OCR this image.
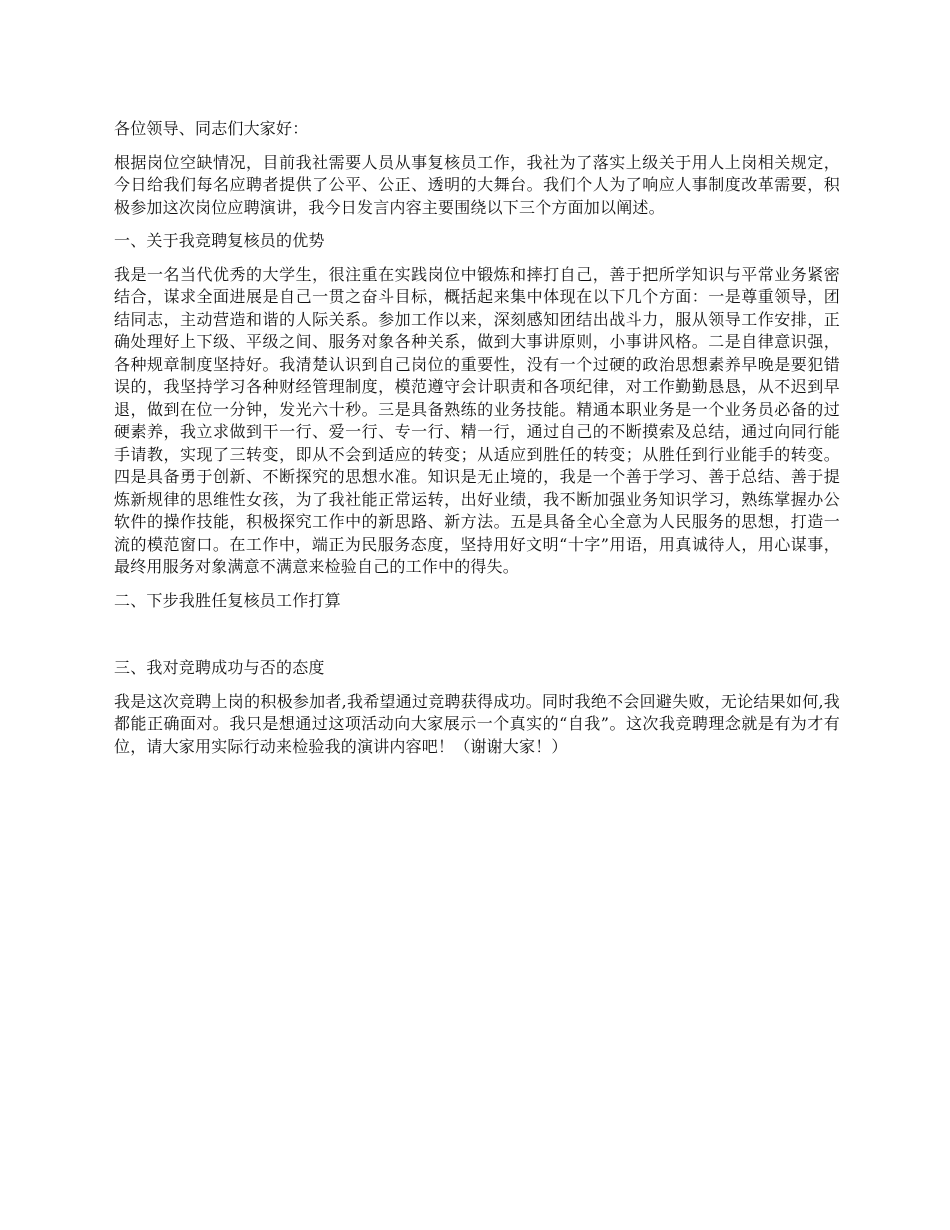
各位领导、同志们大家好：

根据岗位空缺情况，目前我社需要人员从事复核员工作，我社为了落实上级关于用人上岗相关规定，今日给我们每名应聘者提供了公平、公正、透明的大舞台。我们个人为了响应人事制度改革需要，积极参加这次岗位应聘演讲，我今日发言内容主要围绕以下三个方面加以阐述。

一、关于我竞聘复核员的优势

我是一名当代优秀的大学生，很注重在实践岗位中锻炼和摔打自己，善于把所学知识与平常业务紧密结合，谋求全面进展是自己一贯之奋斗目标，概括起来集中体现在以下几个方面：一是尊重领导，团结同志，主动营造和谐的人际关系。参加工作以来，深刻感知团结出战斗力，服从领导工作安排，正确处理好上下级、平级之间、服务对象各种关系，做到大事讲原则，小事讲风格。二是自律意识强，各种规章制度坚持好。我清楚认识到自己岗位的重要性，没有一个过硬的政治思想素养早晚是要犯错误的，我坚持学习各种财经管理制度，模范遵守会计职责和各项纪律，对工作勤勤恳恳，从不迟到早退，做到在位一分钟，发光六十秒。三是具备熟练的业务技能。精通本职业务是一个业务员必备的过硬素养，我立求做到干一行、爱一行、专一行、精一行，通过自己的不断摸索及总结，通过向同行能手请教，实现了三转变，即从不会到适应的转变；从适应到胜任的转变；从胜任到行业能手的转变。四是具备勇于创新、不断探究的思想水准。知识是无止境的，我是一个善于学习、善于总结、善于提炼新规律的思维性女孩，为了我社能正常运转，出好业绩，我不断加强业务知识学习，熟练掌握办公软件的操作技能，积极探究工作中的新思路、新方法。五是具备全心全意为人民服务的思想，打造一流的模范窗口。在工作中，端正为民服务态度，坚持用好文明“十字”用语，用真诚待人，用心谋事，最终用服务对象满意不满意来检验自己的工作中的得失。

二、下步我胜任复核员工作打算

三、我对竞聘成功与否的态度

我是这次竞聘上岗的积极参加者,我希望通过竞聘获得成功。同时我绝不会回避失败，无论结果如何,我都能正确面对。我只是想通过这项活动向大家展示一个真实的“自我”。这次我竞聘理念就是有为才有位，请大家用实际行动来检验我的演讲内容吧！（谢谢大家！）
